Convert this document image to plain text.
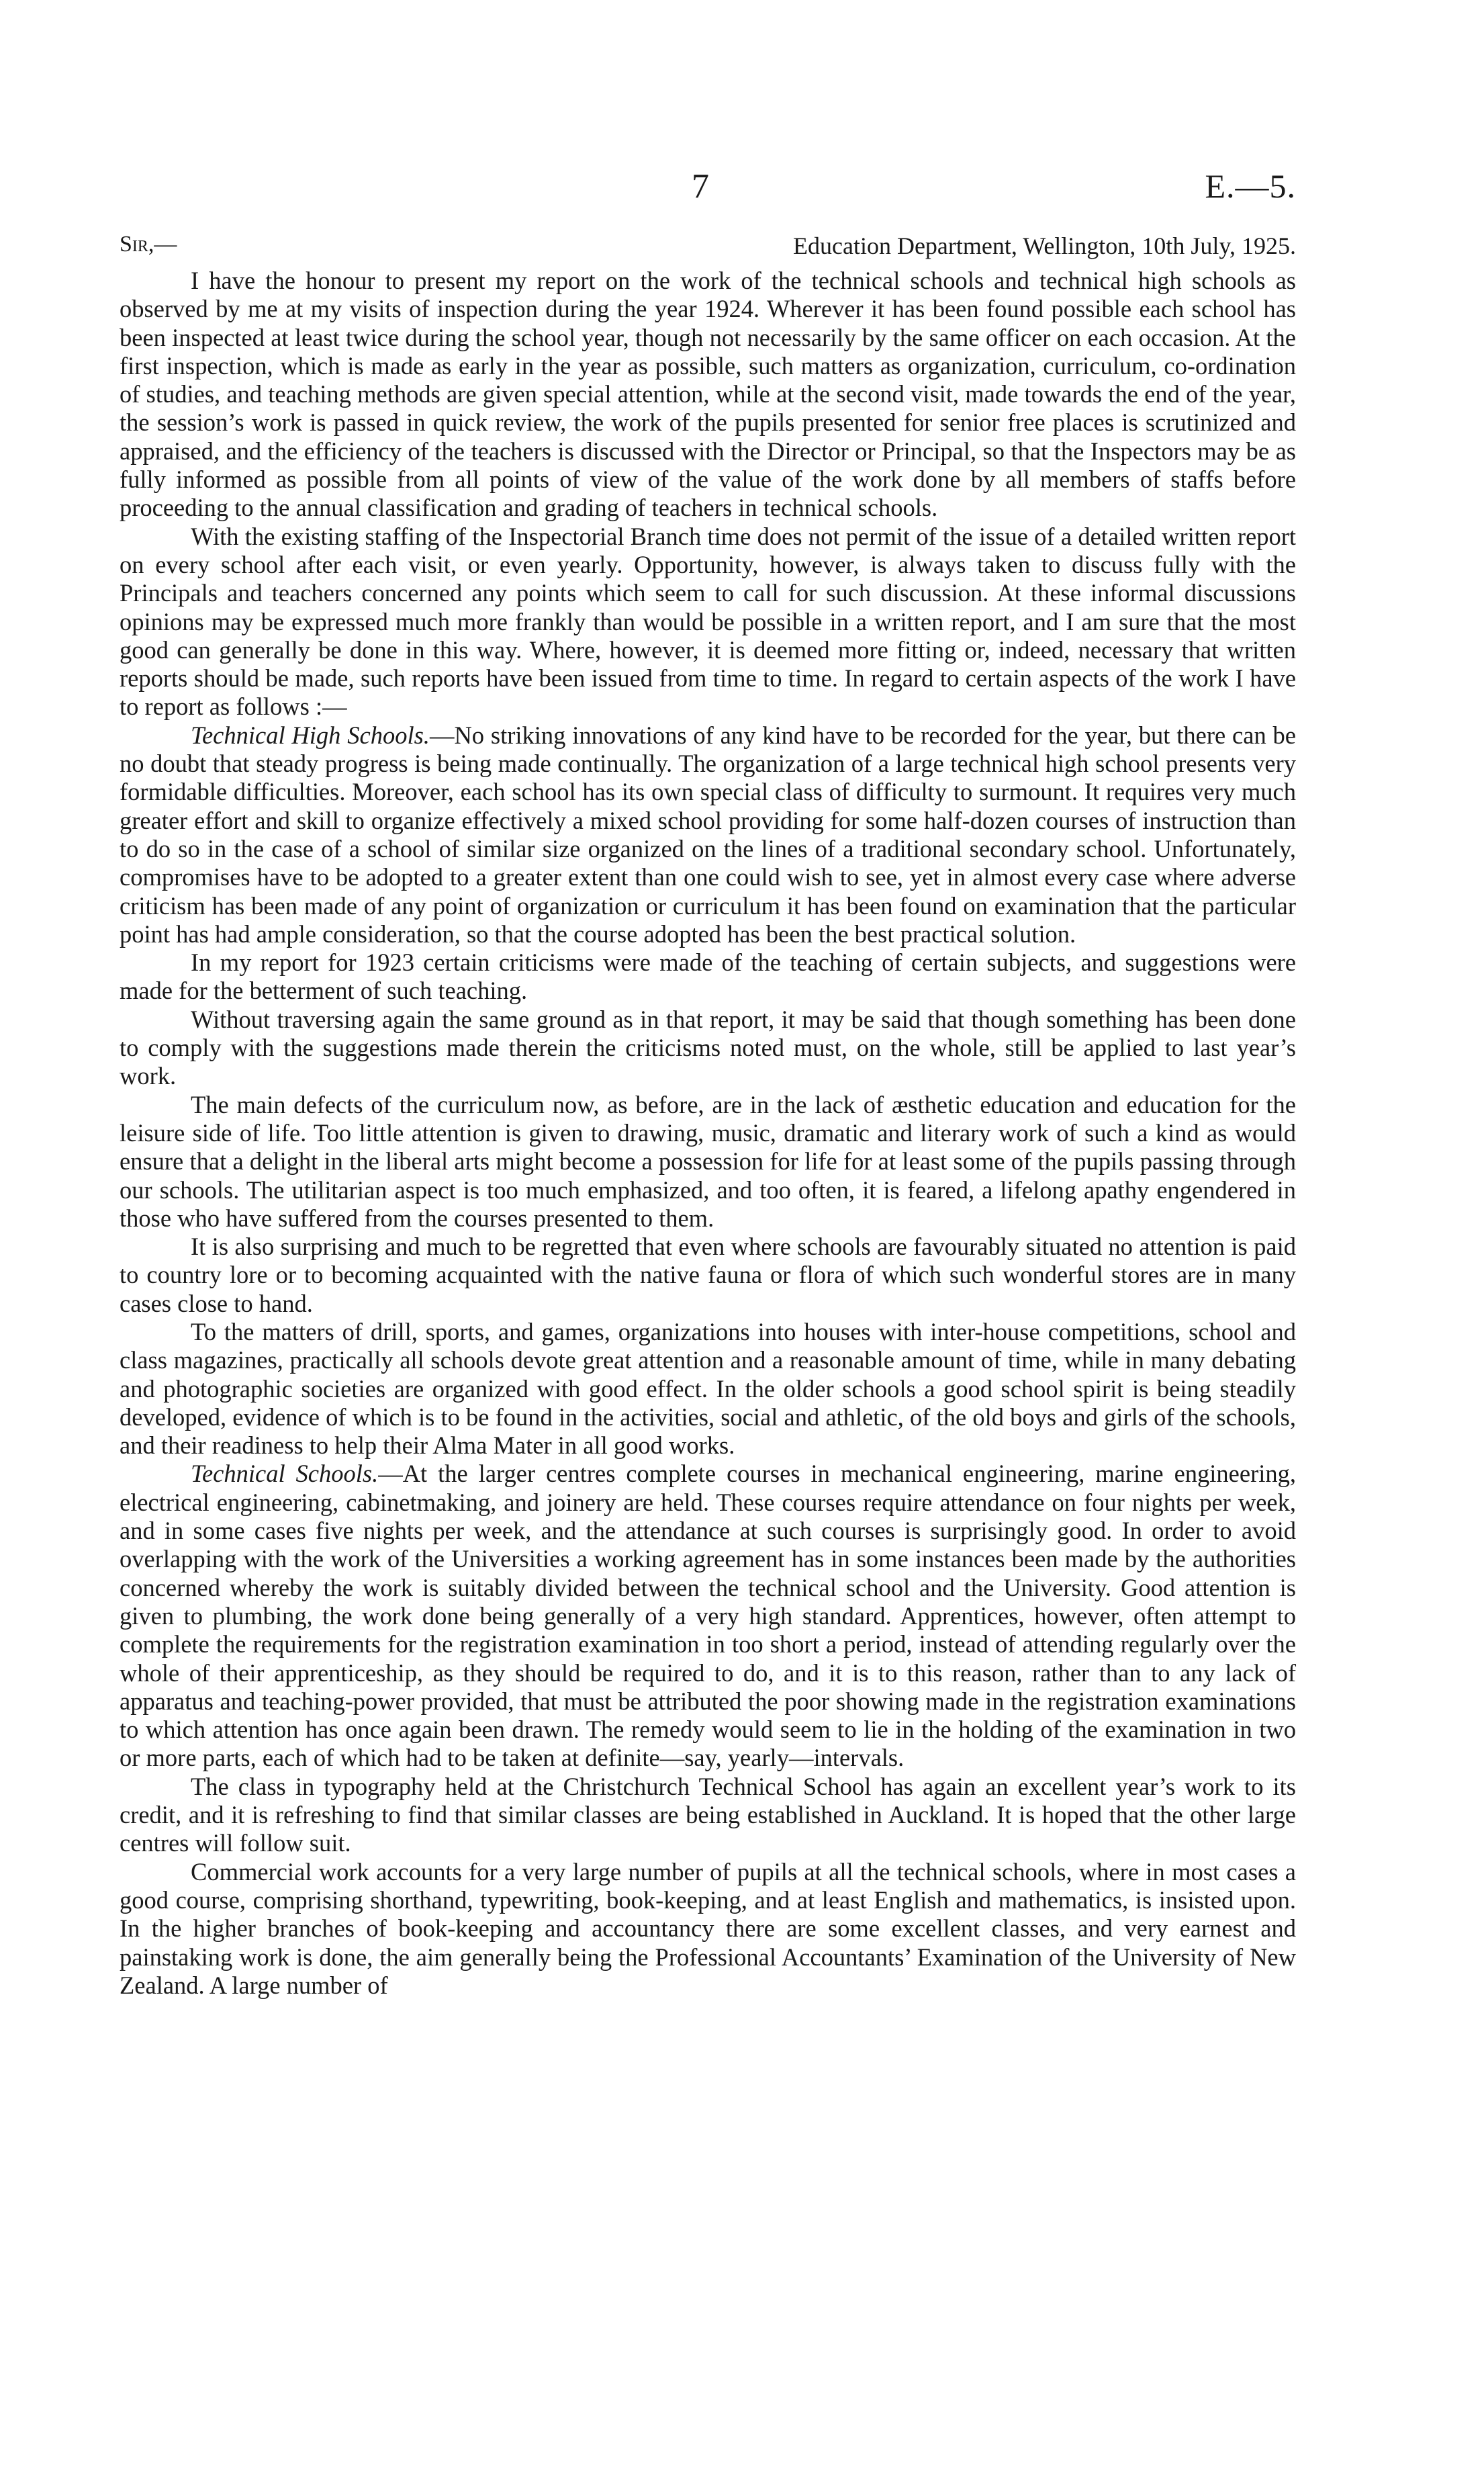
7	E.—5.
Sir,—	Education Department, Wellington, 10th July, 1925.

I have the honour to present my report on the work of the technical schools and technical high schools as observed by me at my visits of inspection during the year 1924. Wherever it has been found possible each school has been inspected at least twice during the school year, though not necessarily by the same officer on each occasion. At the first inspection, which is made as early in the year as possible, such matters as organization, curriculum, co-ordination of studies, and teaching methods are given special attention, while at the second visit, made towards the end of the year, the session’s work is passed in quick review, the work of the pupils presented for senior free places is scrutinized and appraised, and the efficiency of the teachers is discussed with the Director or Principal, so that the Inspectors may be as fully informed as possible from all points of view of the value of the work done by all members of staffs before proceeding to the annual classification and grading of teachers in technical schools.

With the existing staffing of the Inspectorial Branch time does not permit of the issue of a detailed written report on every school after each visit, or even yearly. Opportunity, however, is always taken to discuss fully with the Principals and teachers concerned any points which seem to call for such discussion. At these informal discussions opinions may be expressed much more frankly than would be possible in a written report, and I am sure that the most good can generally be done in this way. Where, however, it is deemed more fitting or, indeed, necessary that written reports should be made, such reports have been issued from time to time. In regard to certain aspects of the work I have to report as follows :—

Technical High Schools.—No striking innovations of any kind have to be recorded for the year, but there can be no doubt that steady progress is being made continually. The organization of a large technical high school presents very formidable difficulties. Moreover, each school has its own special class of difficulty to surmount. It requires very much greater effort and skill to organize effectively a mixed school providing for some half-dozen courses of instruction than to do so in the case of a school of similar size organized on the lines of a traditional secondary school. Unfortunately, compromises have to be adopted to a greater extent than one could wish to see, yet in almost every case where adverse criticism has been made of any point of organization or curriculum it has been found on examination that the particular point has had ample consideration, so that the course adopted has been the best practical solution.

In my report for 1923 certain criticisms were made of the teaching of certain subjects, and suggestions were made for the betterment of such teaching.

Without traversing again the same ground as in that report, it may be said that though something has been done to comply with the suggestions made therein the criticisms noted must, on the whole, still be applied to last year’s work.

The main defects of the curriculum now, as before, are in the lack of æsthetic education and education for the leisure side of life. Too little attention is given to drawing, music, dramatic and literary work of such a kind as would ensure that a delight in the liberal arts might become a possession for life for at least some of the pupils passing through our schools. The utilitarian aspect is too much emphasized, and too often, it is feared, a lifelong apathy engendered in those who have suffered from the courses presented to them.

It is also surprising and much to be regretted that even where schools are favourably situated no attention is paid to country lore or to becoming acquainted with the native fauna or flora of which such wonderful stores are in many cases close to hand.

To the matters of drill, sports, and games, organizations into houses with inter-house competitions, school and class magazines, practically all schools devote great attention and a reasonable amount of time, while in many debating and photographic societies are organized with good effect. In the older schools a good school spirit is being steadily developed, evidence of which is to be found in the activities, social and athletic, of the old boys and girls of the schools, and their readiness to help their Alma Mater in all good works.

Technical Schools.—At the larger centres complete courses in mechanical engineering, marine engineering, electrical engineering, cabinetmaking, and joinery are held. These courses require attendance on four nights per week, and in some cases five nights per week, and the attendance at such courses is surprisingly good. In order to avoid overlapping with the work of the Universities a working agreement has in some instances been made by the authorities concerned whereby the work is suitably divided between the technical school and the University. Good attention is given to plumbing, the work done being generally of a very high standard. Apprentices, however, often attempt to complete the requirements for the registration examination in too short a period, instead of attending regularly over the whole of their apprenticeship, as they should be required to do, and it is to this reason, rather than to any lack of apparatus and teaching-power provided, that must be attributed the poor showing made in the registration examinations to which attention has once again been drawn. The remedy would seem to lie in the holding of the examination in two or more parts, each of which had to be taken at definite—say, yearly—intervals.

The class in typography held at the Christchurch Technical School has again an excellent year’s work to its credit, and it is refreshing to find that similar classes are being established in Auckland. It is hoped that the other large centres will follow suit.

Commercial work accounts for a very large number of pupils at all the technical schools, where in most cases a good course, comprising shorthand, typewriting, book-keeping, and at least English and mathematics, is insisted upon. In the higher branches of book-keeping and accountancy there are some excellent classes, and very earnest and painstaking work is done, the aim generally being the Professional Accountants’ Examination of the University of New Zealand. A large number of
